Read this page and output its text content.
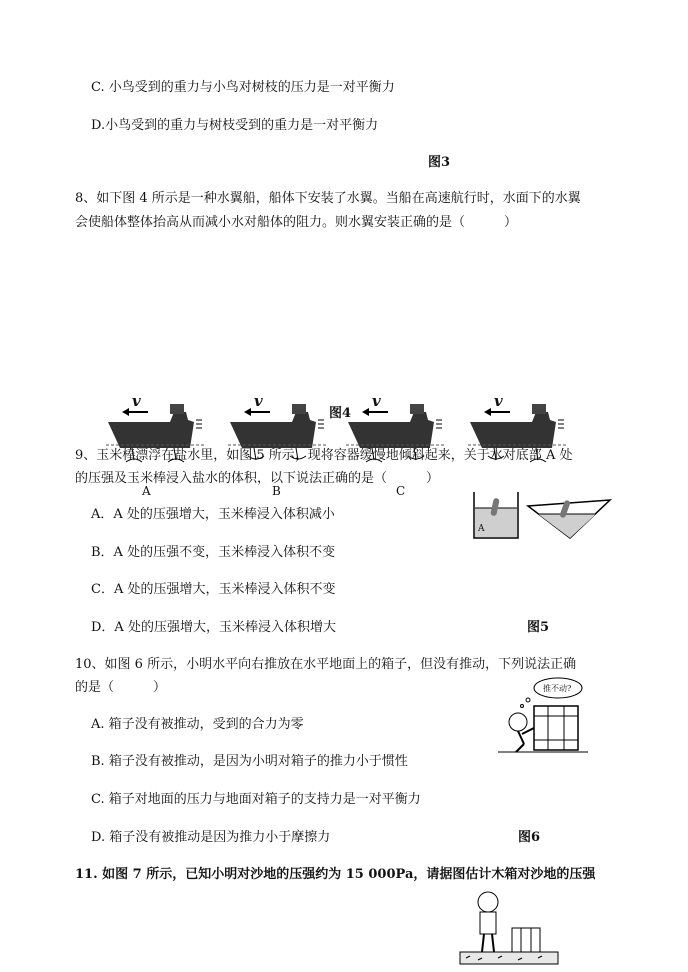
C. 小鸟受到的重力与小鸟对树枝的压力是一对平衡力
D.小鸟受到的重力与树枝受到的重力是一对平衡力
图3
8、如下图 4 所示是一种水翼船，船体下安装了水翼。当船在高速航行时，水面下的水翼
会使船体整体抬高从而减小水对船体的阻力。则水翼安装正确的是（　　　）
v
A
v
B
v
C
v
图4
9、玉米棒漂浮在盐水里，如图 5 所示，现将容器缓慢地倾斜起来，关于水对底部 A 处
的压强及玉米棒浸入盐水的体积，以下说法正确的是（　　　）
A．A 处的压强增大，玉米棒浸入体积减小
B．A 处的压强不变，玉米棒浸入体积不变
C．A 处的压强增大，玉米棒浸入体积不变
D．A 处的压强增大，玉米棒浸入体积增大	图5
A
10、如图 6 所示，小明水平向右推放在水平地面上的箱子，但没有推动，下列说法正确
的是（　　　）
A. 箱子没有被推动，受到的合力为零
B. 箱子没有被推动，是因为小明对箱子的推力小于惯性
C. 箱子对地面的压力与地面对箱子的支持力是一对平衡力
D. 箱子没有被推动是因为推力小于摩擦力	图6
推不动?
11. 如图 7 所示，已知小明对沙地的压强约为 15 000Pa，请据图估计木箱对沙地的压强
